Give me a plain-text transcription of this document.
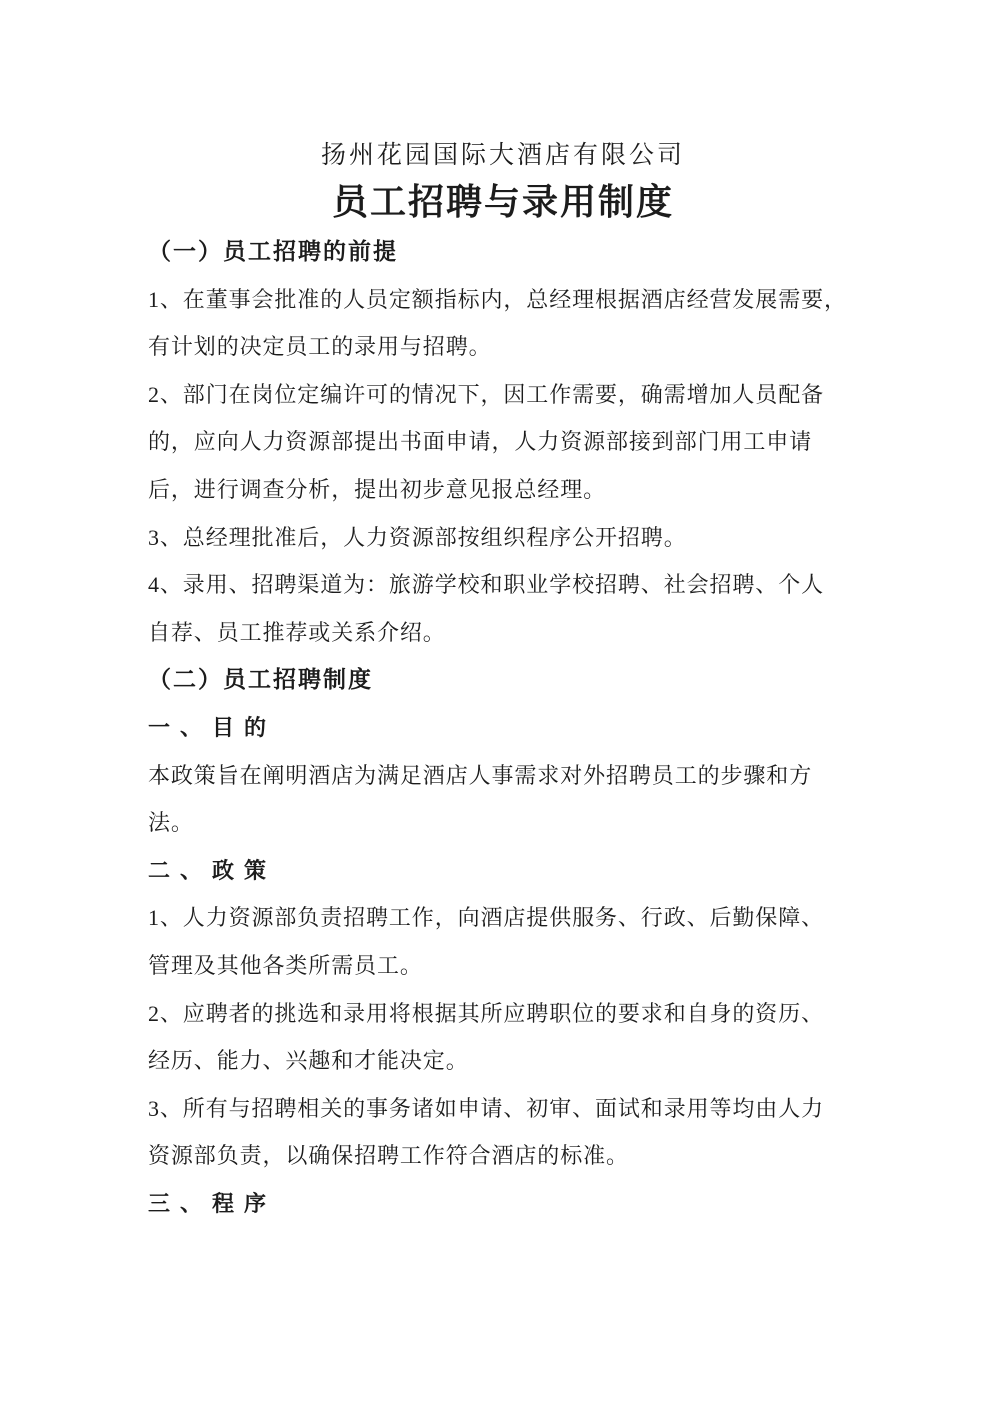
扬州花园国际大酒店有限公司
员工招聘与录用制度
（一）员工招聘的前提
1、在董事会批准的人员定额指标内，总经理根据酒店经营发展需要，
有计划的决定员工的录用与招聘。
2、部门在岗位定编许可的情况下，因工作需要，确需增加人员配备
的，应向人力资源部提出书面申请，人力资源部接到部门用工申请
后，进行调查分析，提出初步意见报总经理。
3、总经理批准后，人力资源部按组织程序公开招聘。
4、录用、招聘渠道为：旅游学校和职业学校招聘、社会招聘、个人
自荐、员工推荐或关系介绍。
（二）员工招聘制度
一、目的
本政策旨在阐明酒店为满足酒店人事需求对外招聘员工的步骤和方
法。
二、政策
1、人力资源部负责招聘工作，向酒店提供服务、行政、后勤保障、
管理及其他各类所需员工。
2、应聘者的挑选和录用将根据其所应聘职位的要求和自身的资历、
经历、能力、兴趣和才能决定。
3、所有与招聘相关的事务诸如申请、初审、面试和录用等均由人力
资源部负责，以确保招聘工作符合酒店的标准。
三、程序
